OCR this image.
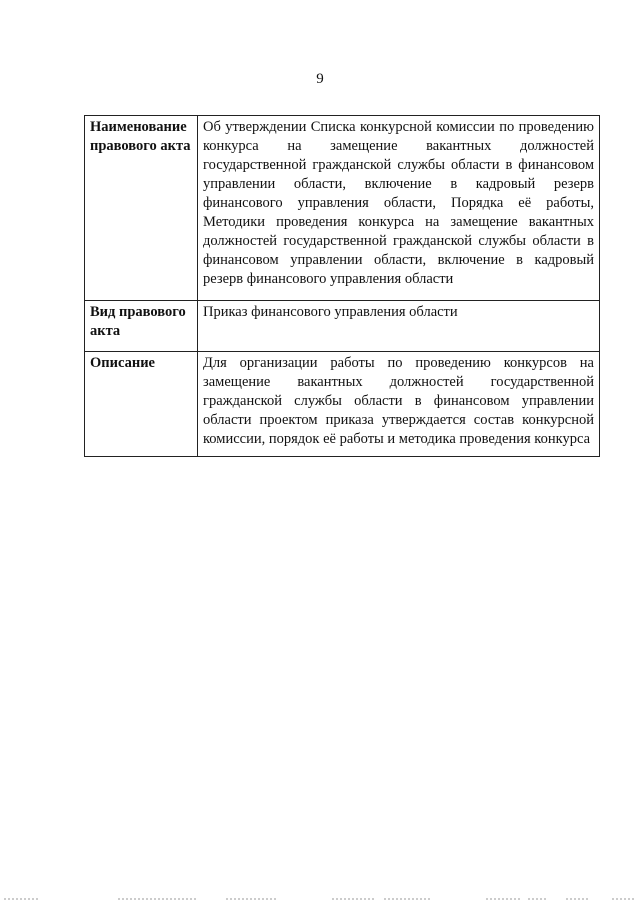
9
Наименование правового акта	Об утверждении Списка конкурсной комиссии по проведению конкурса на замещение вакантных должностей государственной гражданской службы области в финансовом управлении области, включение в кадровый резерв финансового управления области, Порядка её работы, Методики проведения конкурса на замещение вакантных должностей государственной гражданской службы области в финансовом управлении области, включение в кадровый резерв финансового управления области
Вид правового акта	Приказ финансового управления области
Описание	Для организации работы по проведению конкурсов на замещение вакантных должностей государственной гражданской службы области в финансовом управлении области проектом приказа утверждается состав конкурсной комиссии, порядок её работы и методика проведения конкурса
